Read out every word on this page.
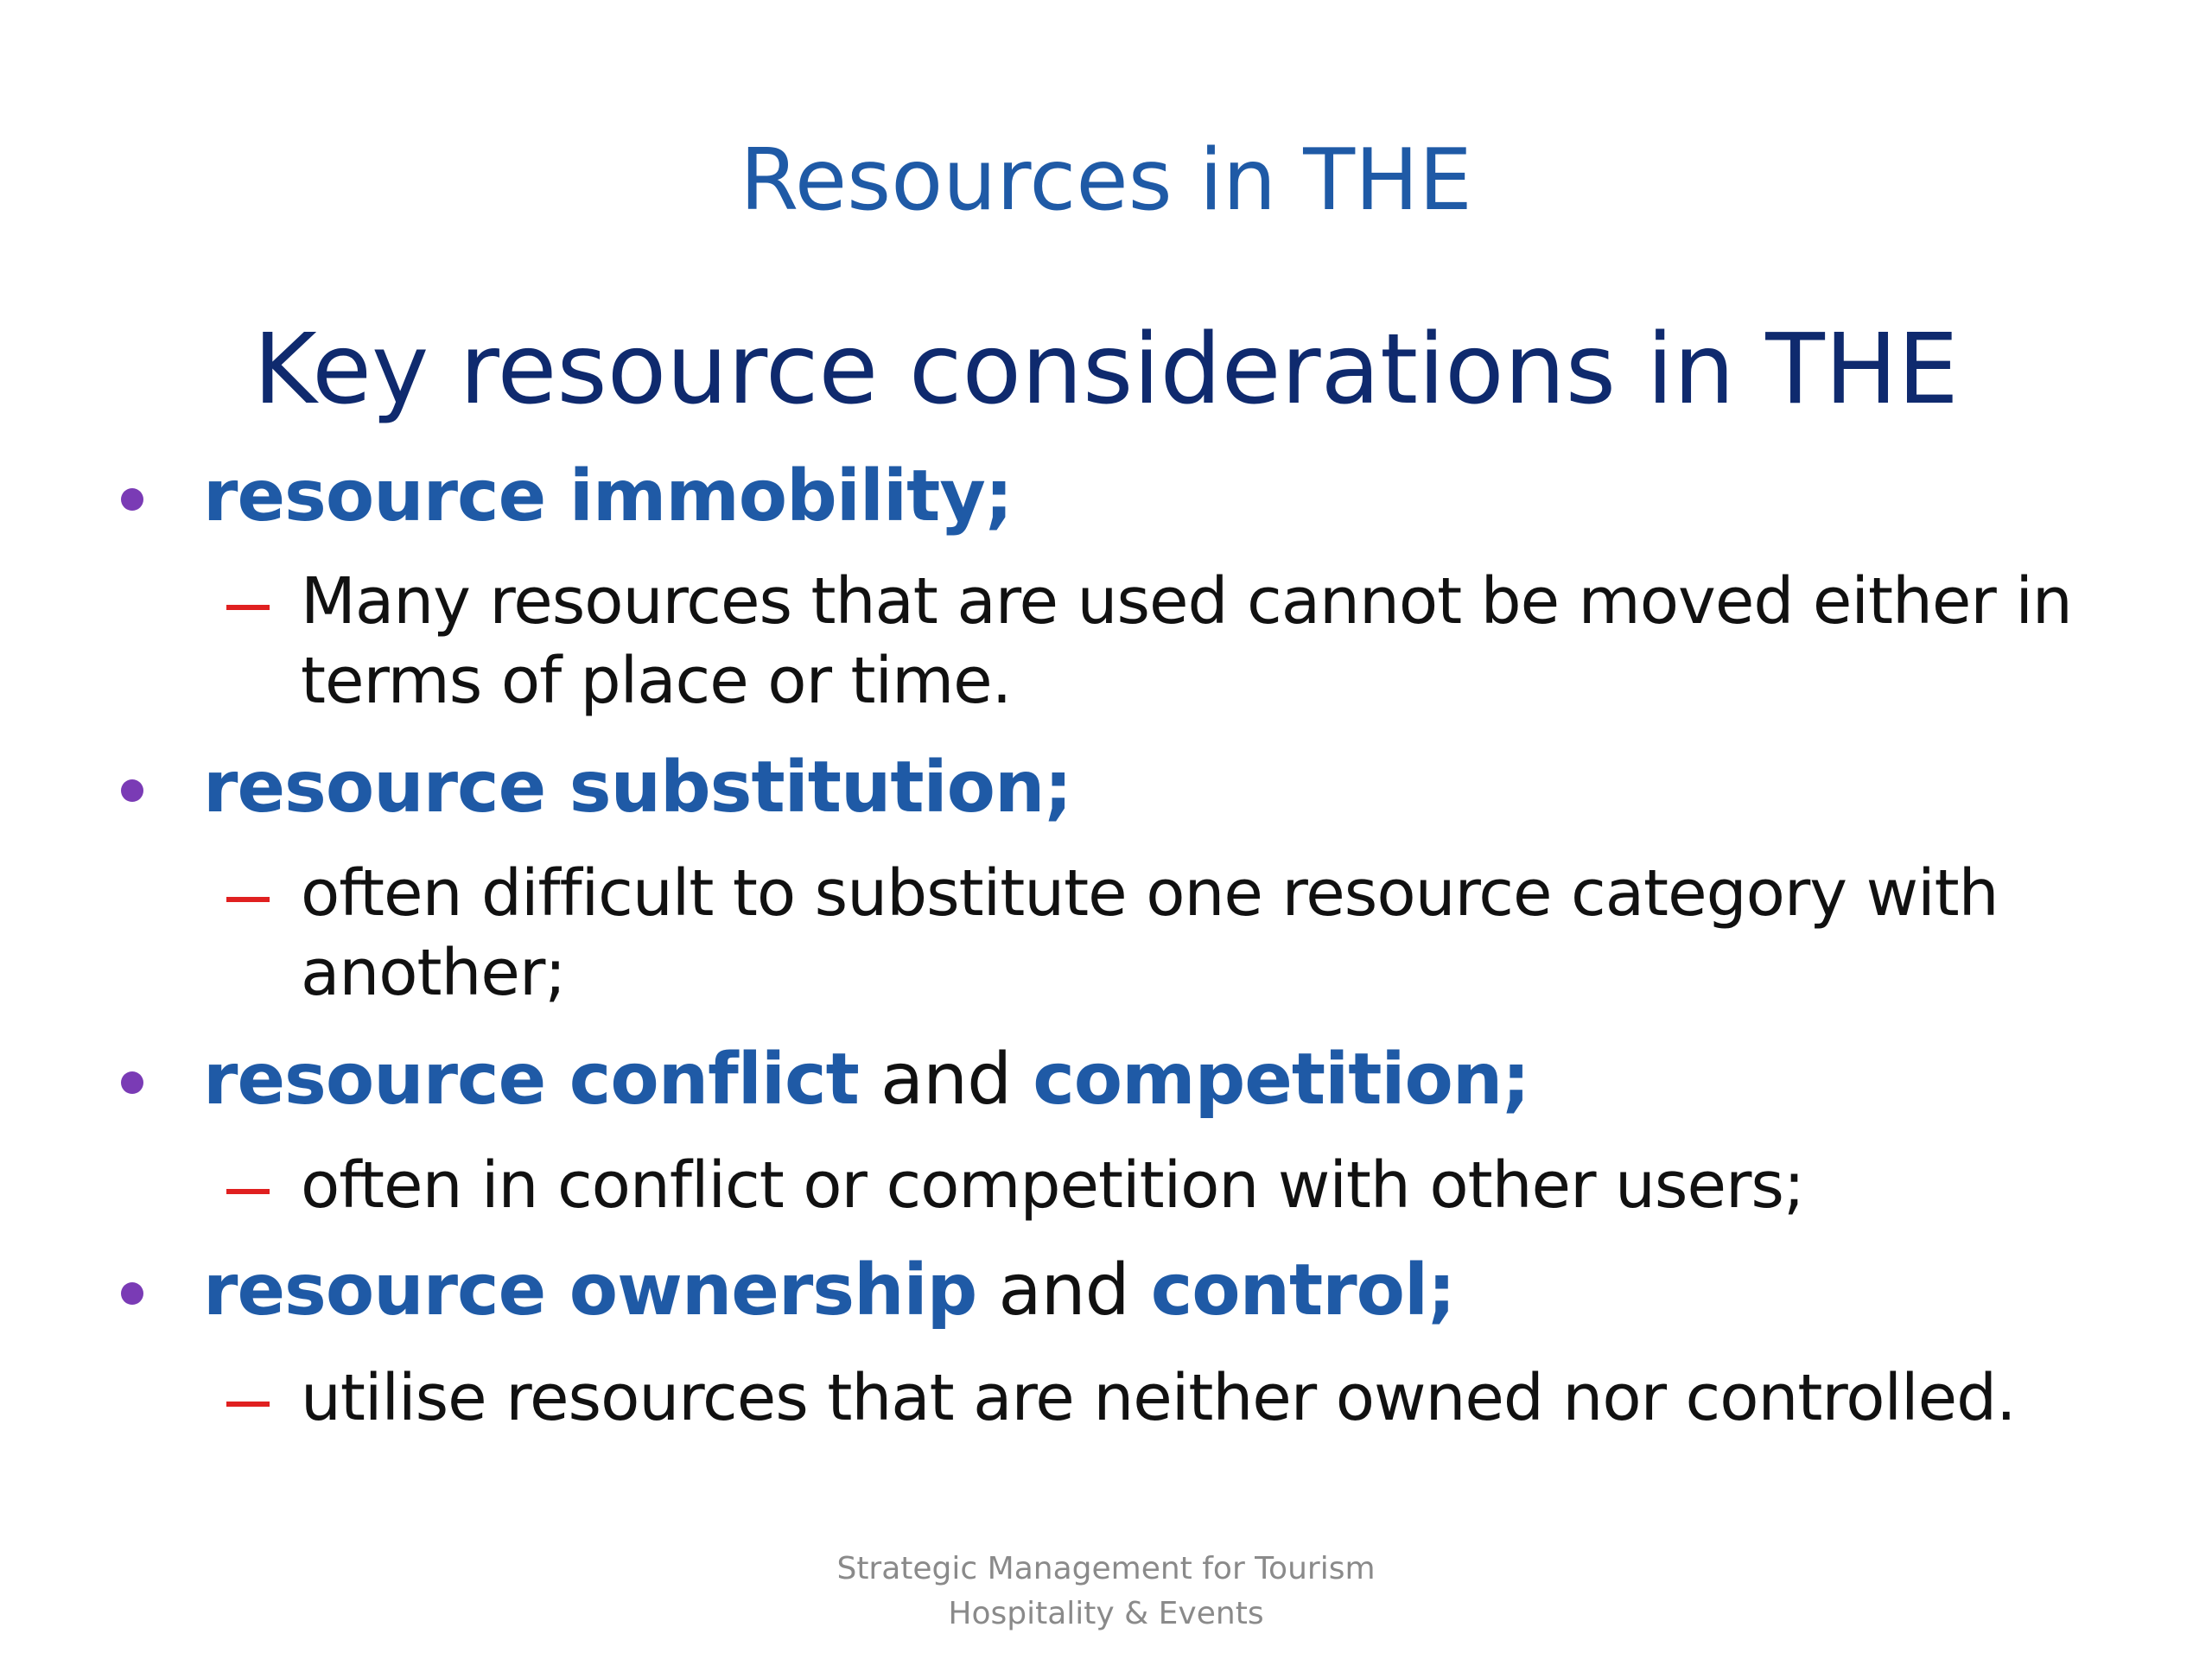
Resources in THE
Key resource considerations in THE
resource immobility;
Many resources that are used cannot be moved either in
terms of place or time.
resource substitution;
often difficult to substitute one resource category with
another;
resource conflict and competition;
often in conflict or competition with other users;
resource ownership and control;
utilise resources that are neither owned nor controlled.
Strategic Management for Tourism
Hospitality & Events
